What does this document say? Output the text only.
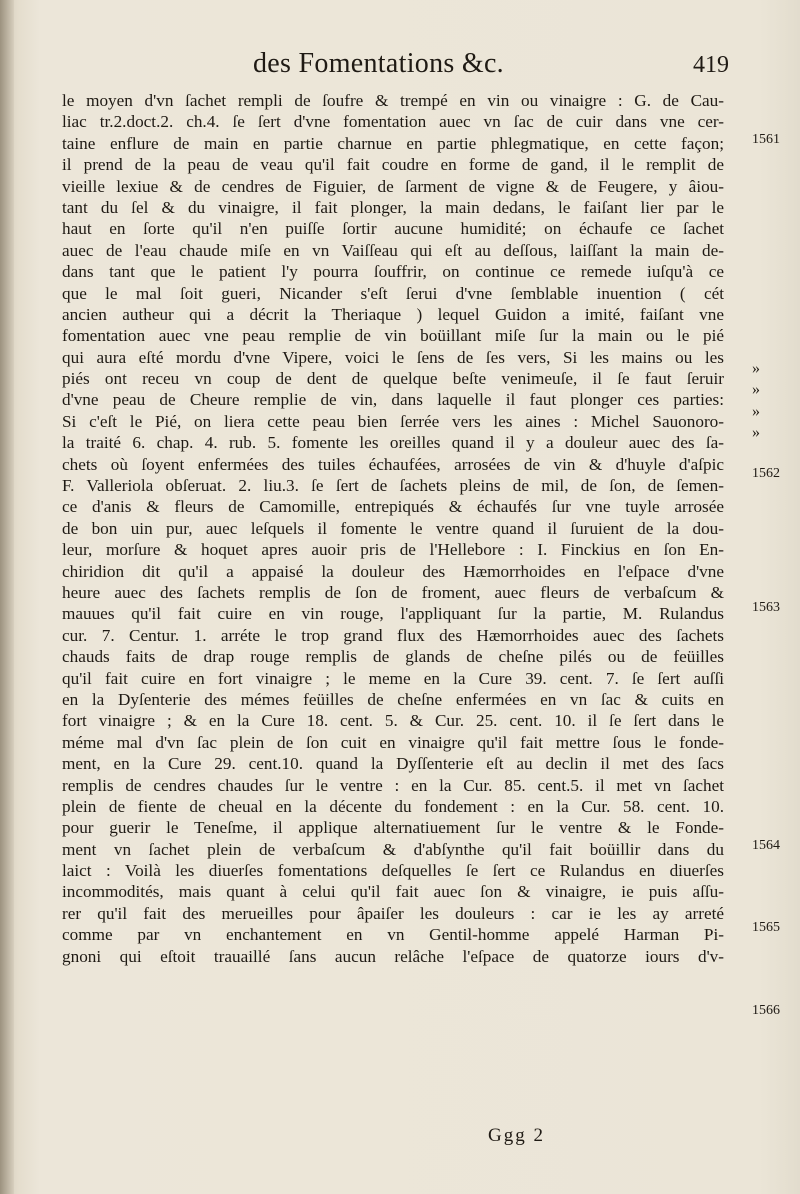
des Fomentations &c.	419
le moyen d'vn ſachet rempli de ſoufre & trempé en vin ou vinaigre : G. de Cau-
liac tr.2.doct.2. ch.4. ſe ſert d'vne fomentation auec vn ſac de cuir dans vne cer-
taine enflure de main en partie charnue en partie phlegmatique, en cette façon;
il prend de la peau de veau qu'il fait coudre en forme de gand, il le remplit de
vieille lexiue & de cendres de Figuier, de ſarment de vigne & de Feugere, y âiou-
tant du ſel & du vinaigre, il fait plonger, la main dedans, le faiſant lier par le
haut en ſorte qu'il n'en puiſſe ſortir aucune humidité; on échaufe ce ſachet
auec de l'eau chaude miſe en vn Vaiſſeau qui eſt au deſſous, laiſſant la main de-
dans tant que le patient l'y pourra ſouffrir, on continue ce remede iuſqu'à ce
que le mal ſoit gueri, Nicander s'eſt ſerui d'vne ſemblable inuention ( cét
ancien autheur qui a décrit la Theriaque ) lequel Guidon a imité, faiſant vne
fomentation auec vne peau remplie de vin boüillant miſe ſur la main ou le pié
qui aura eſté mordu d'vne Vipere, voici le ſens de ſes vers, Si les mains ou les
piés ont receu vn coup de dent de quelque beſte venimeuſe, il ſe faut ſeruir
d'vne peau de Cheure remplie de vin, dans laquelle il faut plonger ces parties:
Si c'eſt le Pié, on liera cette peau bien ſerrée vers les aines : Michel Sauonoro-
la traité 6. chap. 4. rub. 5. fomente les oreilles quand il y a douleur auec des ſa-
chets où ſoyent enfermées des tuiles échaufées, arrosées de vin & d'huyle d'aſpic
F. Valleriola obſeruat. 2. liu.3. ſe ſert de ſachets pleins de mil, de ſon, de ſemen-
ce d'anis & fleurs de Camomille, entrepiqués & échaufés ſur vne tuyle arrosée
de bon uin pur, auec leſquels il fomente le ventre quand il ſuruient de la dou-
leur, morſure & hoquet apres auoir pris de l'Hellebore : I. Finckius en ſon En-
chiridion dit qu'il a appaisé la douleur des Hæmorrhoides en l'eſpace d'vne
heure auec des ſachets remplis de ſon de froment, auec fleurs de verbaſcum &
mauues qu'il fait cuire en vin rouge, l'appliquant ſur la partie, M. Rulandus
cur. 7. Centur. 1. arréte le trop grand flux des Hæmorrhoides auec des ſachets
chauds faits de drap rouge remplis de glands de cheſne pilés ou de feüilles
qu'il fait cuire en fort vinaigre ; le meme en la Cure 39. cent. 7. ſe ſert auſſi
en la Dyſenterie des mémes feüilles de cheſne enfermées en vn ſac & cuits en
fort vinaigre ; & en la Cure 18. cent. 5. & Cur. 25. cent. 10. il ſe ſert dans le
méme mal d'vn ſac plein de ſon cuit en vinaigre qu'il fait mettre ſous le fonde-
ment, en la Cure 29. cent.10. quand la Dyſſenterie eſt au declin il met des ſacs
remplis de cendres chaudes ſur le ventre : en la Cur. 85. cent.5. il met vn ſachet
plein de fiente de cheual en la décente du fondement : en la Cur. 58. cent. 10.
pour guerir le Teneſme, il applique alternatiuement ſur le ventre & le Fonde-
ment vn ſachet plein de verbaſcum & d'abſynthe qu'il fait boüillir dans du
laict : Voilà les diuerſes fomentations deſquelles ſe ſert ce Rulandus en diuerſes
incommodités, mais quant à celui qu'il fait auec ſon & vinaigre, ie puis aſſu-
rer qu'il fait des merueilles pour âpaiſer les douleurs : car ie les ay arreté
comme par vn enchantement en vn Gentil-homme appelé Harman Pi-
gnoni qui eſtoit trauaillé ſans aucun relâche l'eſpace de quatorze iours d'v-
1561
»
»
»
»
1562
1563
1564
1565
1566
Ggg 2
